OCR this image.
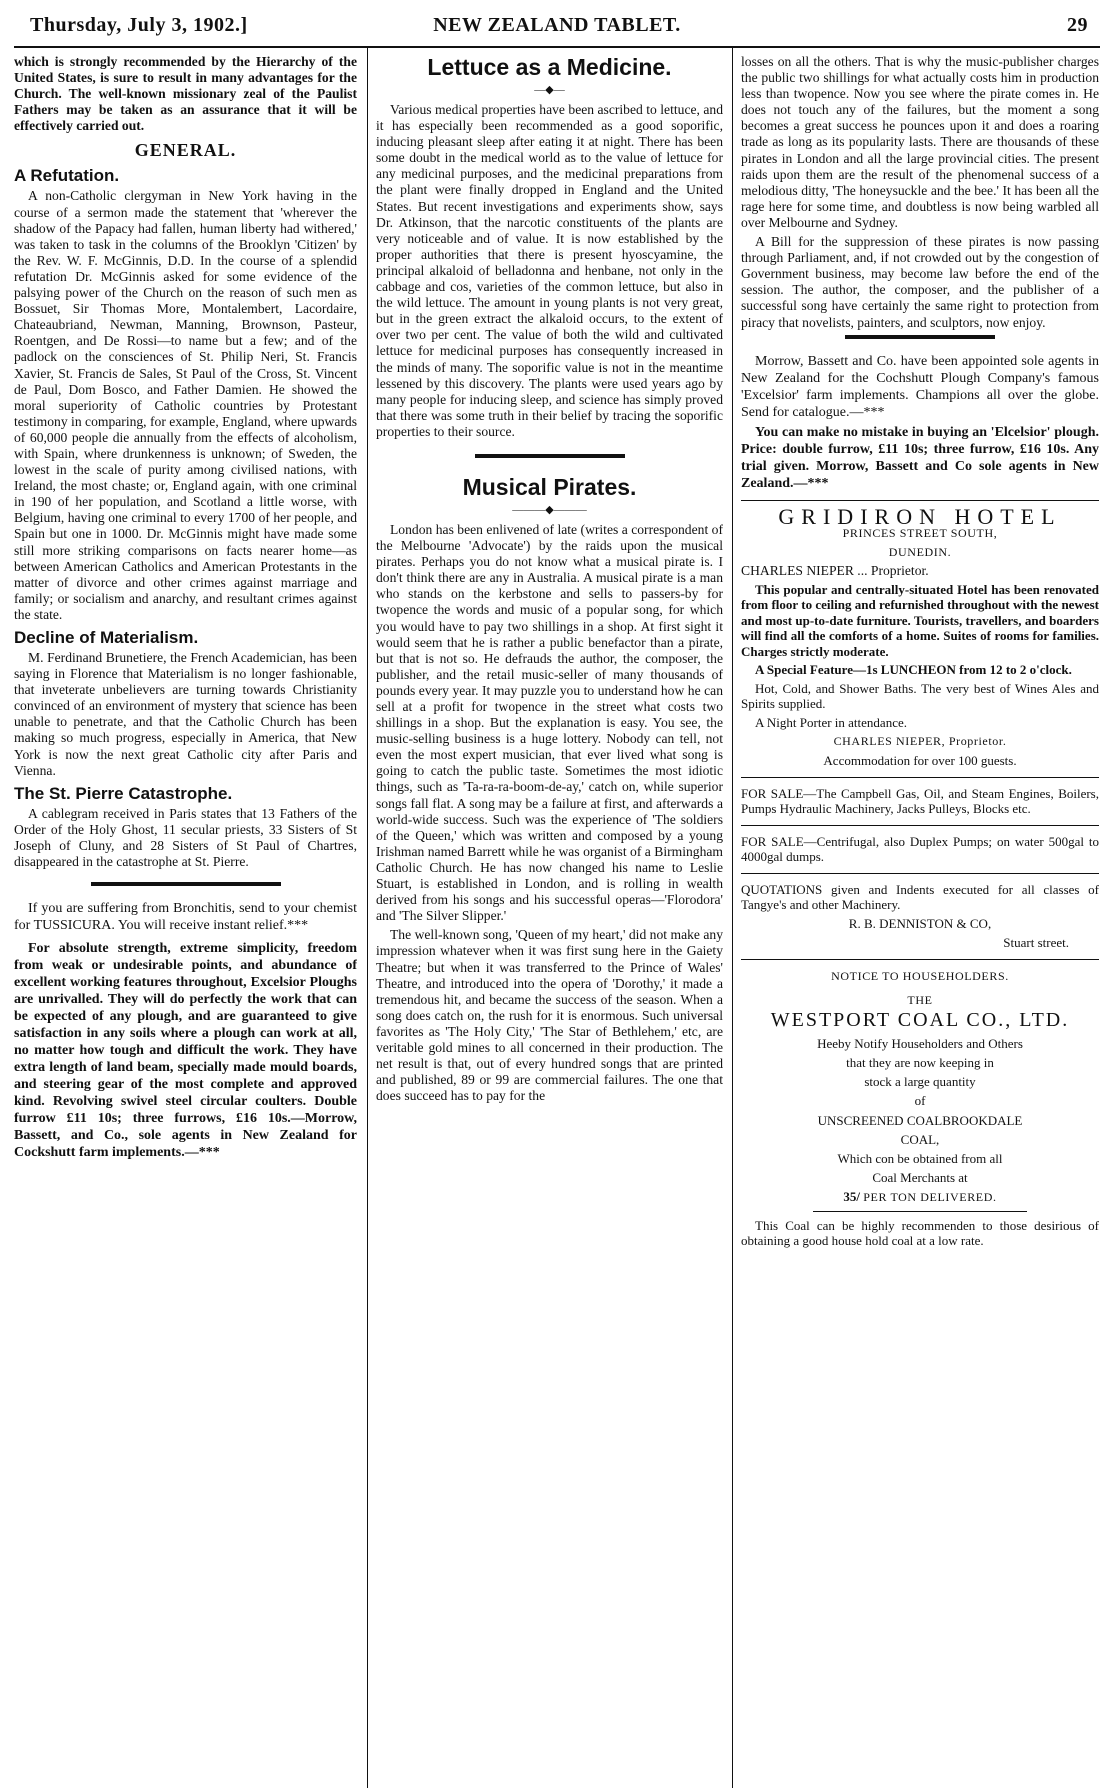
Thursday, July 3, 1902.]	NEW ZEALAND TABLET.	29

which is strongly recommended by the Hierarchy of the United States, is sure to result in many advantages for the Church. The well-known missionary zeal of the Paulist Fathers may be taken as an assurance that it will be effectively carried out.

GENERAL.
A Refutation.

A non-Catholic clergyman in New York having in the course of a sermon made the statement that 'wherever the shadow of the Papacy had fallen, human liberty had withered,' was taken to task in the columns of the Brooklyn 'Citizen' by the Rev. W. F. McGinnis, D.D. In the course of a splendid refutation Dr. McGinnis asked for some evidence of the palsying power of the Church on the reason of such men as Bossuet, Sir Thomas More, Montalembert, Lacordaire, Chateaubriand, Newman, Manning, Brownson, Pasteur, Roentgen, and De Rossi—to name but a few; and of the padlock on the consciences of St. Philip Neri, St. Francis Xavier, St. Francis de Sales, St Paul of the Cross, St. Vincent de Paul, Dom Bosco, and Father Damien. He showed the moral superiority of Catholic countries by Protestant testimony in comparing, for example, England, where upwards of 60,000 people die annually from the effects of alcoholism, with Spain, where drunkenness is unknown; of Sweden, the lowest in the scale of purity among civilised nations, with Ireland, the most chaste; or, England again, with one criminal in 190 of her population, and Scotland a little worse, with Belgium, having one criminal to every 1700 of her people, and Spain but one in 1000. Dr. McGinnis might have made some still more striking comparisons on facts nearer home—as between American Catholics and American Protestants in the matter of divorce and other crimes against marriage and family; or socialism and anarchy, and resultant crimes against the state.

Decline of Materialism.

M. Ferdinand Brunetiere, the French Academician, has been saying in Florence that Materialism is no longer fashionable, that inveterate unbelievers are turning towards Christianity convinced of an environment of mystery that science has been unable to penetrate, and that the Catholic Church has been making so much progress, especially in America, that New York is now the next great Catholic city after Paris and Vienna.

The St. Pierre Catastrophe.

A cablegram received in Paris states that 13 Fathers of the Order of the Holy Ghost, 11 secular priests, 33 Sisters of St Joseph of Cluny, and 28 Sisters of St Paul of Chartres, disappeared in the catastrophe at St. Pierre.

If you are suffering from Bronchitis, send to your chemist for TUSSICURA. You will receive instant relief.***

For absolute strength, extreme simplicity, freedom from weak or undesirable points, and abundance of excellent working features throughout, Excelsior Ploughs are unrivalled. They will do perfectly the work that can be expected of any plough, and are guaranteed to give satisfaction in any soils where a plough can work at all, no matter how tough and difficult the work. They have extra length of land beam, specially made mould boards, and steering gear of the most complete and approved kind. Revolving swivel steel circular coulters. Double furrow £11 10s; three furrows, £16 10s.—Morrow, Bassett, and Co., sole agents in New Zealand for Cockshutt farm implements.—***

Lettuce as a Medicine.
—◆—

Various medical properties have been ascribed to lettuce, and it has especially been recommended as a good soporific, inducing pleasant sleep after eating it at night. There has been some doubt in the medical world as to the value of lettuce for any medicinal purposes, and the medicinal preparations from the plant were finally dropped in England and the United States. But recent investigations and experiments show, says Dr. Atkinson, that the narcotic constituents of the plants are very noticeable and of value. It is now established by the proper authorities that there is present hyoscyamine, the principal alkaloid of belladonna and henbane, not only in the cabbage and cos, varieties of the common lettuce, but also in the wild lettuce. The amount in young plants is not very great, but in the green extract the alkaloid occurs, to the extent of over two per cent. The value of both the wild and cultivated lettuce for medicinal purposes has consequently increased in the minds of many. The soporific value is not in the meantime lessened by this discovery. The plants were used years ago by many people for inducing sleep, and science has simply proved that there was some truth in their belief by tracing the soporific properties to their source.

Musical Pirates.
———◆———

London has been enlivened of late (writes a correspondent of the Melbourne 'Advocate') by the raids upon the musical pirates. Perhaps you do not know what a musical pirate is. I don't think there are any in Australia. A musical pirate is a man who stands on the kerbstone and sells to passers-by for twopence the words and music of a popular song, for which you would have to pay two shillings in a shop. At first sight it would seem that he is rather a public benefactor than a pirate, but that is not so. He defrauds the author, the composer, the publisher, and the retail music-seller of many thousands of pounds every year. It may puzzle you to understand how he can sell at a profit for twopence in the street what costs two shillings in a shop. But the explanation is easy. You see, the music-selling business is a huge lottery. Nobody can tell, not even the most expert musician, that ever lived what song is going to catch the public taste. Sometimes the most idiotic things, such as 'Ta-ra-ra-boom-de-ay,' catch on, while superior songs fall flat. A song may be a failure at first, and afterwards a world-wide success. Such was the experience of 'The soldiers of the Queen,' which was written and composed by a young Irishman named Barrett while he was organist of a Birmingham Catholic Church. He has now changed his name to Leslie Stuart, is established in London, and is rolling in wealth derived from his songs and his successful operas—'Florodora' and 'The Silver Slipper.'

The well-known song, 'Queen of my heart,' did not make any impression whatever when it was first sung here in the Gaiety Theatre; but when it was transferred to the Prince of Wales' Theatre, and introduced into the opera of 'Dorothy,' it made a tremendous hit, and became the success of the season. When a song does catch on, the rush for it is enormous. Such universal favorites as 'The Holy City,' 'The Star of Bethlehem,' etc, are veritable gold mines to all concerned in their production. The net result is that, out of every hundred songs that are printed and published, 89 or 99 are commercial failures. The one that does succeed has to pay for the

losses on all the others. That is why the music-publisher charges the public two shillings for what actually costs him in production less than twopence. Now you see where the pirate comes in. He does not touch any of the failures, but the moment a song becomes a great success he pounces upon it and does a roaring trade as long as its popularity lasts. There are thousands of these pirates in London and all the large provincial cities. The present raids upon them are the result of the phenomenal success of a melodious ditty, 'The honeysuckle and the bee.' It has been all the rage here for some time, and doubtless is now being warbled all over Melbourne and Sydney.

A Bill for the suppression of these pirates is now passing through Parliament, and, if not crowded out by the congestion of Government business, may become law before the end of the session. The author, the composer, and the publisher of a successful song have certainly the same right to protection from piracy that novelists, painters, and sculptors, now enjoy.

Morrow, Bassett and Co. have been appointed sole agents in New Zealand for the Cochshutt Plough Company's famous 'Excelsior' farm implements. Champions all over the globe. Send for catalogue.—***

You can make no mistake in buying an 'Elcelsior' plough. Price: double furrow, £11 10s; three furrow, £16 10s. Any trial given. Morrow, Bassett and Co sole agents in New Zealand.—***

GRIDIRON HOTEL

PRINCES STREET SOUTH,

DUNEDIN.

CHARLES NIEPER ... Proprietor.

This popular and centrally-situated Hotel has been renovated from floor to ceiling and refurnished throughout with the newest and most up-to-date furniture. Tourists, travellers, and boarders will find all the comforts of a home. Suites of rooms for families. Charges strictly moderate.

A Special Feature—1s LUNCHEON from 12 to 2 o'clock.

Hot, Cold, and Shower Baths. The very best of Wines Ales and Spirits supplied.

A Night Porter in attendance.

CHARLES NIEPER, Proprietor.

Accommodation for over 100 guests.

FOR SALE—The Campbell Gas, Oil, and Steam Engines, Boilers, Pumps Hydraulic Machinery, Jacks Pulleys, Blocks etc.

FOR SALE—Centrifugal, also Duplex Pumps; on water 500gal to 4000gal dumps.

QUOTATIONS given and Indents executed for all classes of Tangye's and other Machinery.

R. B. DENNISTON & CO,

Stuart street.

NOTICE TO HOUSEHOLDERS.

THE

WESTPORT COAL CO., LTD.

Heeby Notify Householders and Others

that they are now keeping in

stock a large quantity

of

UNSCREENED COALBROOKDALE

COAL,

Which con be obtained from all

Coal Merchants at

35/ PER TON DELIVERED.

This Coal can be highly recommenden to those desirious of obtaining a good house hold coal at a low rate.
